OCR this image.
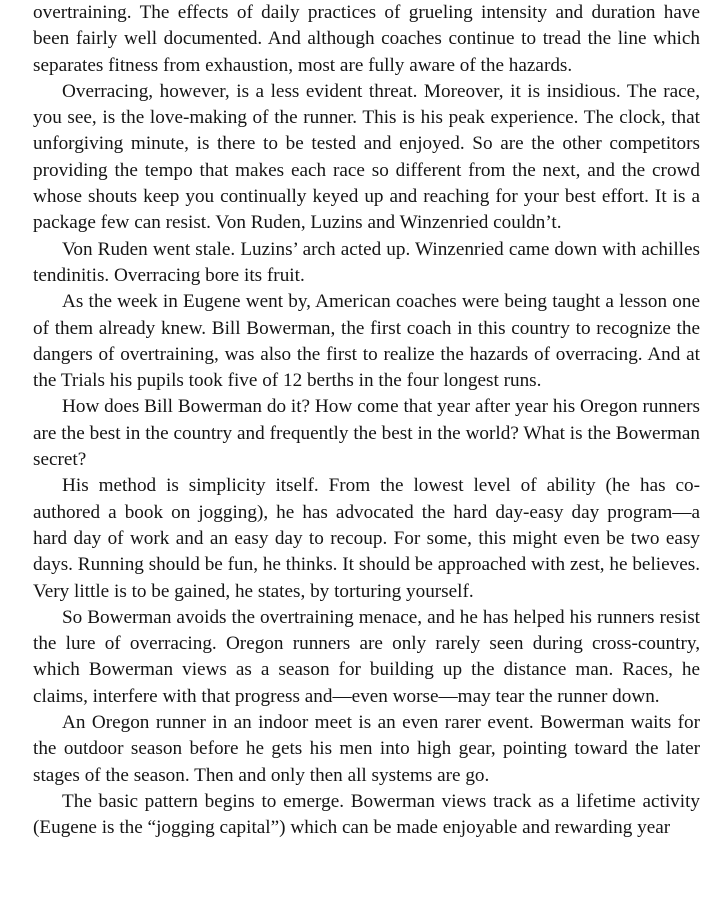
overtraining. The effects of daily practices of grueling intensity and duration have been fairly well documented. And although coaches continue to tread the line which separates fitness from exhaustion, most are fully aware of the hazards.

Overracing, however, is a less evident threat. Moreover, it is insidious. The race, you see, is the love-making of the runner. This is his peak experience. The clock, that unforgiving minute, is there to be tested and enjoyed. So are the other competitors providing the tempo that makes each race so different from the next, and the crowd whose shouts keep you continually keyed up and reaching for your best effort. It is a package few can resist. Von Ruden, Luzins and Winzenried couldn’t.

Von Ruden went stale. Luzins’ arch acted up. Winzenried came down with achilles tendinitis. Overracing bore its fruit.

As the week in Eugene went by, American coaches were being taught a lesson one of them already knew. Bill Bowerman, the first coach in this country to recognize the dangers of overtraining, was also the first to realize the hazards of overracing. And at the Trials his pupils took five of 12 berths in the four longest runs.

How does Bill Bowerman do it? How come that year after year his Oregon runners are the best in the country and frequently the best in the world? What is the Bowerman secret?

His method is simplicity itself. From the lowest level of ability (he has co-authored a book on jogging), he has advocated the hard day-easy day program—a hard day of work and an easy day to recoup. For some, this might even be two easy days. Running should be fun, he thinks. It should be approached with zest, he believes. Very little is to be gained, he states, by torturing yourself.

So Bowerman avoids the overtraining menace, and he has helped his runners resist the lure of overracing. Oregon runners are only rarely seen during cross-country, which Bowerman views as a season for building up the distance man. Races, he claims, interfere with that progress and—even worse—may tear the runner down.

An Oregon runner in an indoor meet is an even rarer event. Bowerman waits for the outdoor season before he gets his men into high gear, pointing toward the later stages of the season. Then and only then all systems are go.

The basic pattern begins to emerge. Bowerman views track as a lifetime activity (Eugene is the “jogging capital”) which can be made enjoyable and rewarding year
